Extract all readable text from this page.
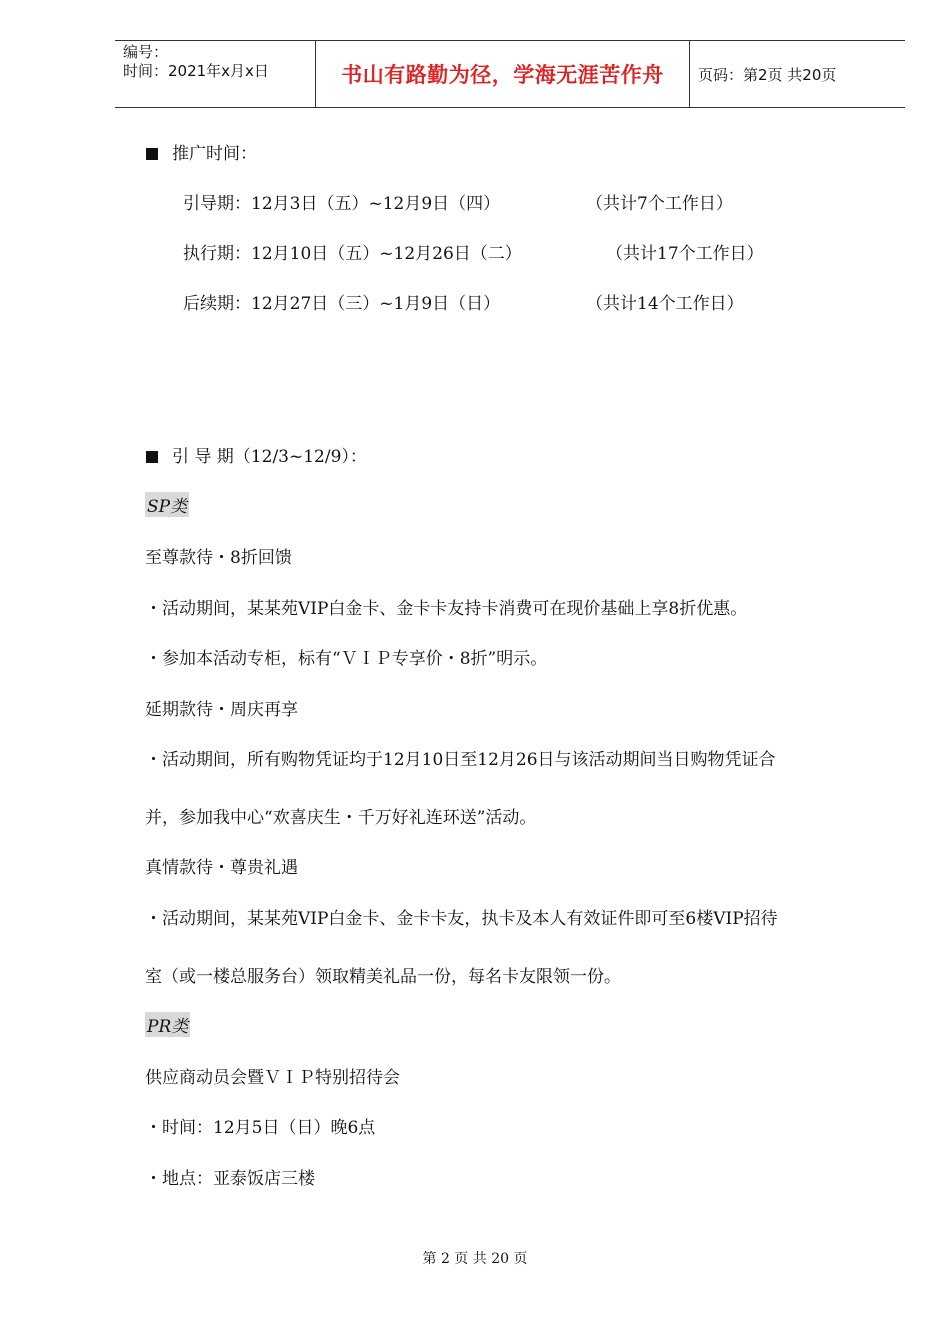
编号：
时间：2021年x月x日	书山有路勤为径，学海无涯苦作舟	页码：第2页 共20页
推广时间：
引导期：12月3日（五）~12月9日（四）	（共计7个工作日）
执行期：12月10日（五）~12月26日（二）	（共计17个工作日）
后续期：12月27日（三）~1月9日（日）	（共计14个工作日）
引 导 期（12/3~12/9）：
SP类
至尊款待・8折回馈
・活动期间，某某苑VIP白金卡、金卡卡友持卡消费可在现价基础上享8折优惠。
・参加本活动专柜，标有“ＶＩＰ专享价・8折”明示。
延期款待・周庆再享
・活动期间，所有购物凭证均于12月10日至12月26日与该活动期间当日购物凭证合
并，参加我中心“欢喜庆生・千万好礼连环送”活动。
真情款待・尊贵礼遇
・活动期间，某某苑VIP白金卡、金卡卡友，执卡及本人有效证件即可至6楼VIP招待
室（或一楼总服务台）领取精美礼品一份，每名卡友限领一份。
PR类
供应商动员会暨ＶＩＰ特别招待会
・时间：12月5日（日）晚6点
・地点：亚泰饭店三楼
第 2 页 共 20 页
